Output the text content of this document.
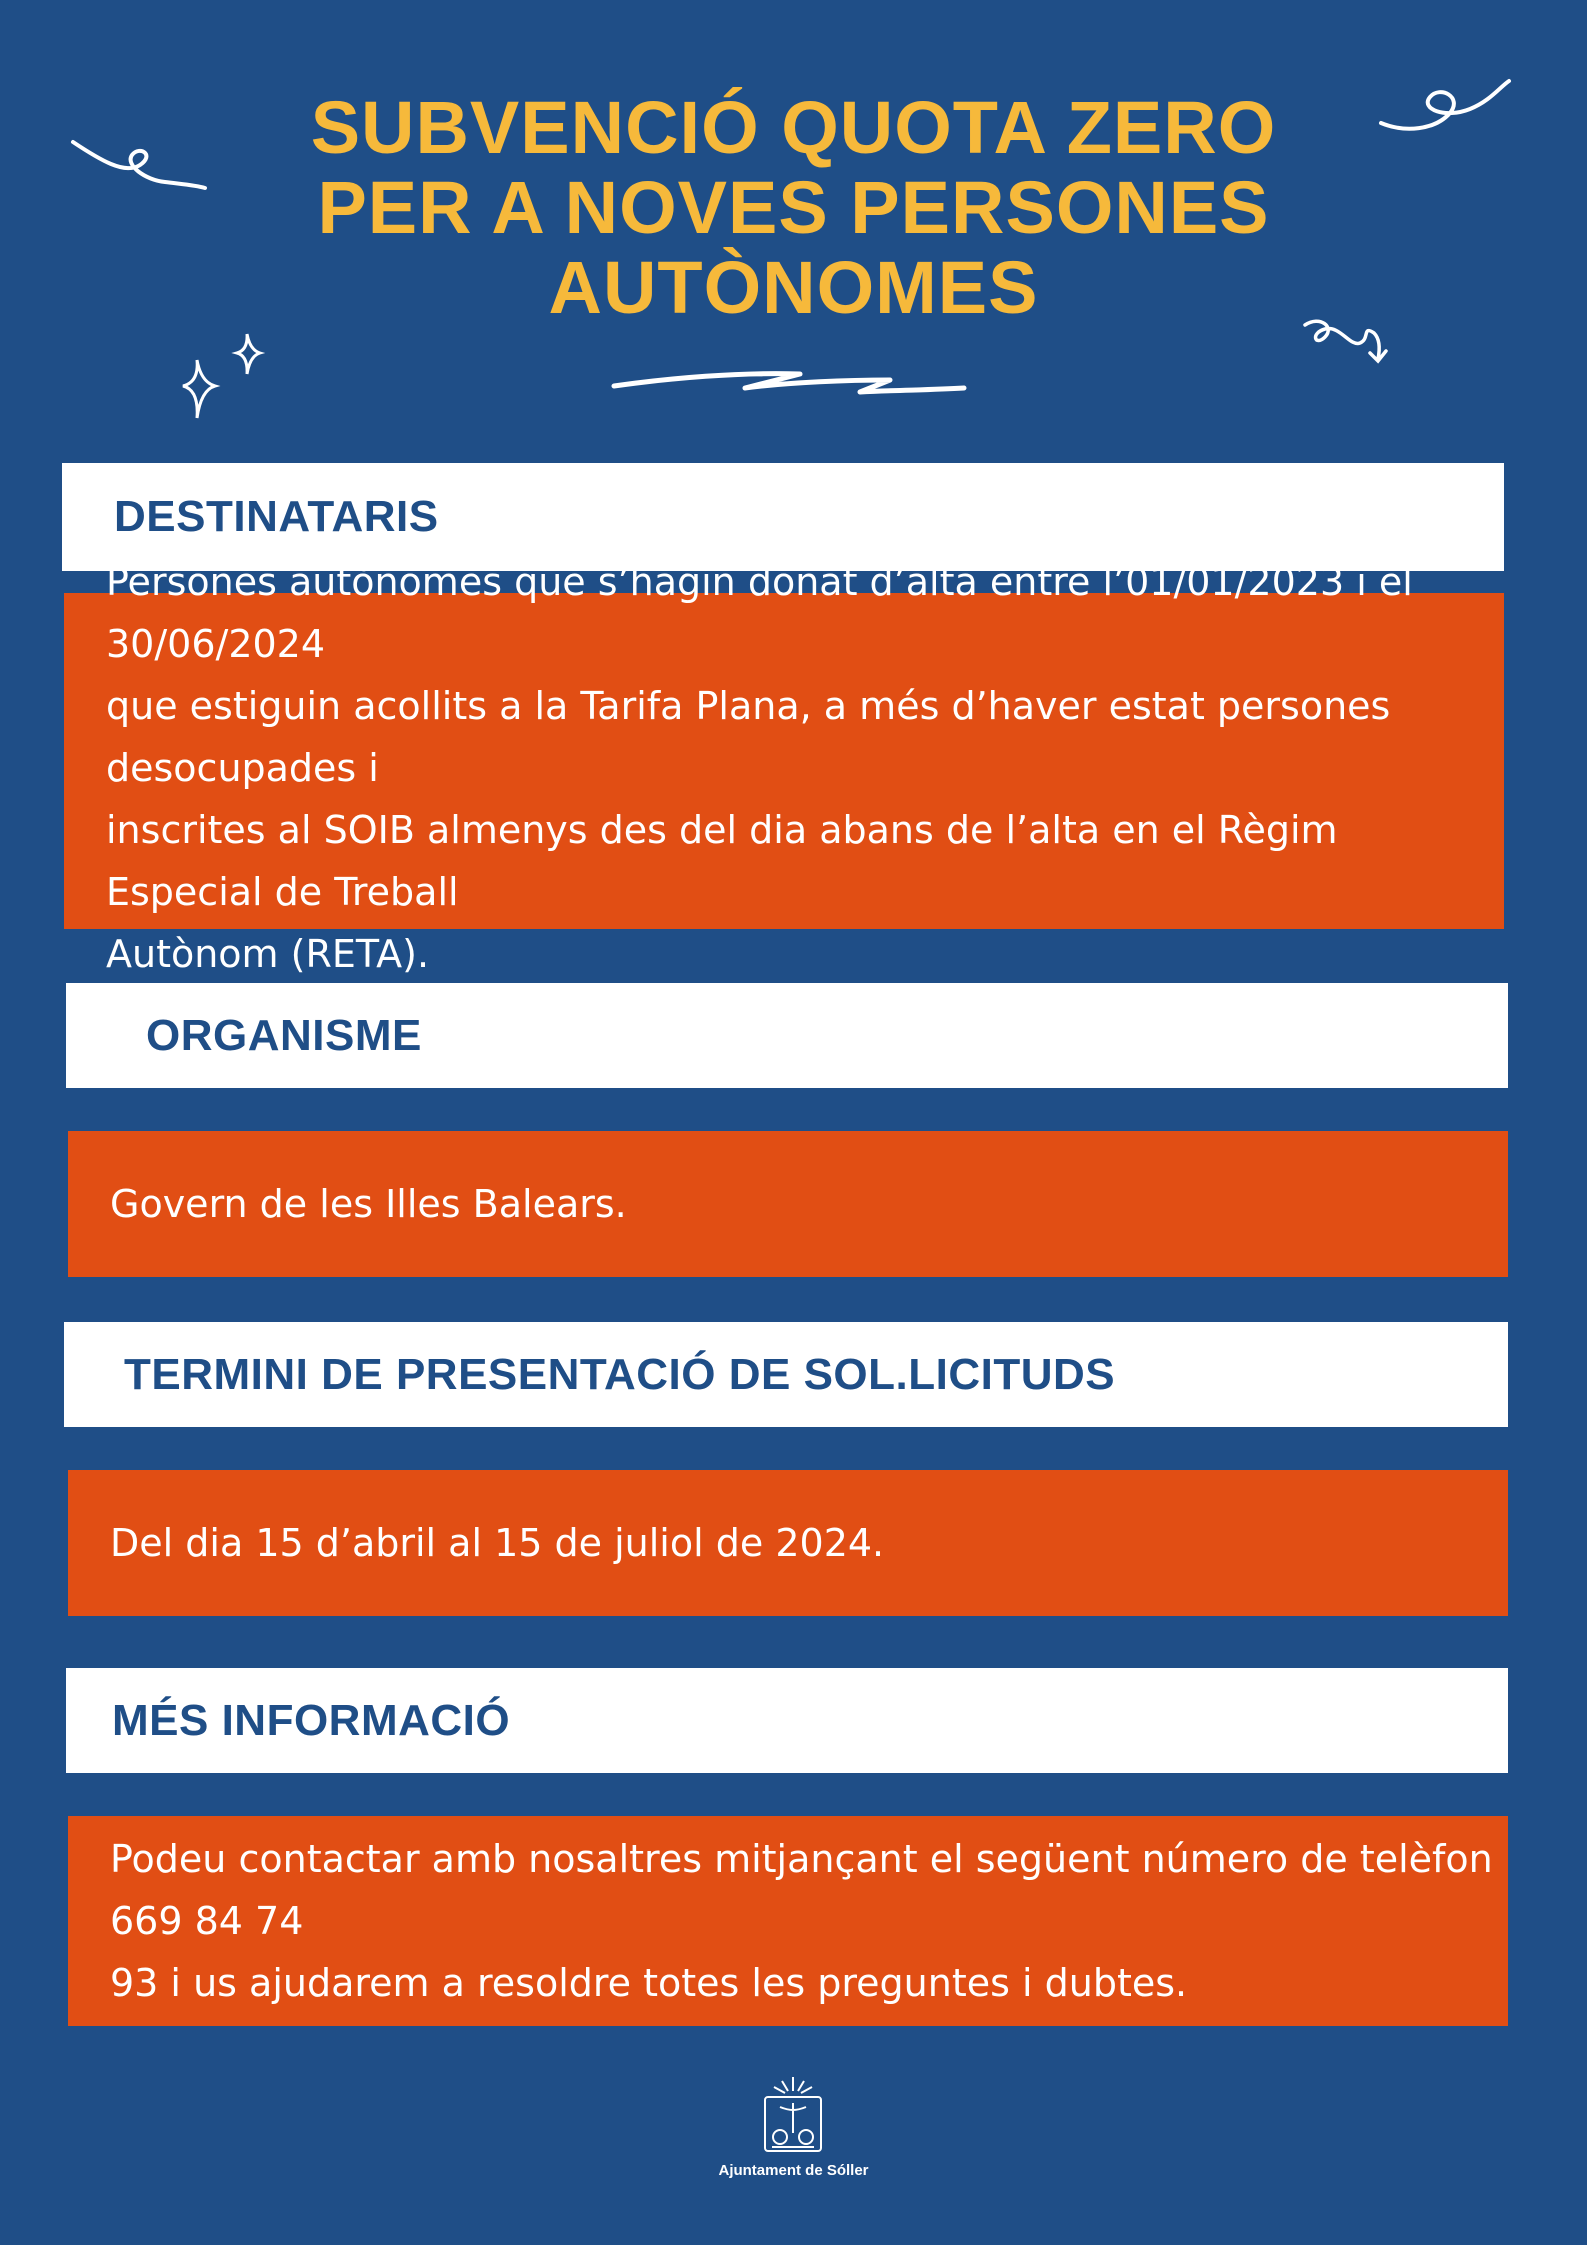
SUBVENCIÓ QUOTA ZERO
PER A NOVES PERSONES
AUTÒNOMES
DESTINATARIS
Persones autònomes que s’hagin donat d’alta entre l’01/01/2023 i el 30/06/2024
que estiguin acollits a la Tarifa Plana, a més d’haver estat persones desocupades i
inscrites al SOIB almenys des del dia abans de l’alta en el Règim Especial de Treball
Autònom (RETA).
ORGANISME
Govern de les Illes Balears.
TERMINI DE PRESENTACIÓ DE SOL.LICITUDS
Del dia 15 d’abril al 15 de juliol de 2024.
MÉS INFORMACIÓ
Podeu contactar amb nosaltres mitjançant el següent número de telèfon 669 84 74
93 i us ajudarem a resoldre totes les preguntes i dubtes.
Ajuntament de Sóller
